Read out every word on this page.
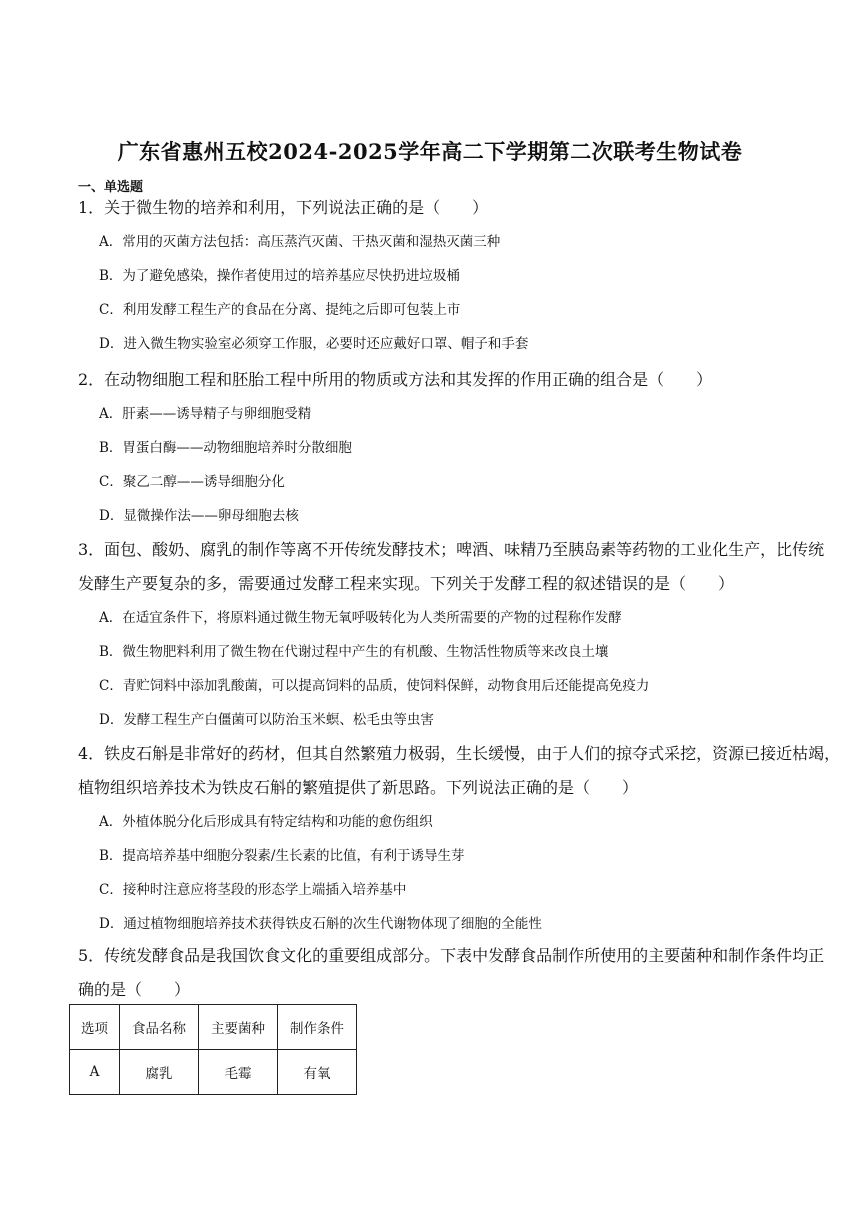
广东省惠州五校2024-2025学年高二下学期第二次联考生物试卷
一、单选题
1．关于微生物的培养和利用，下列说法正确的是（　　）
A．常用的灭菌方法包括：高压蒸汽灭菌、干热灭菌和湿热灭菌三种
B．为了避免感染，操作者使用过的培养基应尽快扔进垃圾桶
C．利用发酵工程生产的食品在分离、提纯之后即可包装上市
D．进入微生物实验室必须穿工作服，必要时还应戴好口罩、帽子和手套
2．在动物细胞工程和胚胎工程中所用的物质或方法和其发挥的作用正确的组合是（　　）
A．肝素——诱导精子与卵细胞受精
B．胃蛋白酶——动物细胞培养时分散细胞
C．聚乙二醇——诱导细胞分化
D．显微操作法——卵母细胞去核
3．面包、酸奶、腐乳的制作等离不开传统发酵技术；啤酒、味精乃至胰岛素等药物的工业化生产，比传统
发酵生产要复杂的多，需要通过发酵工程来实现。下列关于发酵工程的叙述错误的是（　　）
A．在适宜条件下，将原料通过微生物无氧呼吸转化为人类所需要的产物的过程称作发酵
B．微生物肥料利用了微生物在代谢过程中产生的有机酸、生物活性物质等来改良土壤
C．青贮饲料中添加乳酸菌，可以提高饲料的品质，使饲料保鲜，动物食用后还能提高免疫力
D．发酵工程生产白僵菌可以防治玉米螟、松毛虫等虫害
4．铁皮石斛是非常好的药材，但其自然繁殖力极弱，生长缓慢，由于人们的掠夺式采挖，资源已接近枯竭，
植物组织培养技术为铁皮石斛的繁殖提供了新思路。下列说法正确的是（　　）
A．外植体脱分化后形成具有特定结构和功能的愈伤组织
B．提高培养基中细胞分裂素/生长素的比值，有利于诱导生芽
C．接种时注意应将茎段的形态学上端插入培养基中
D．通过植物细胞培养技术获得铁皮石斛的次生代谢物体现了细胞的全能性
5．传统发酵食品是我国饮食文化的重要组成部分。下表中发酵食品制作所使用的主要菌种和制作条件均正
确的是（　　）
选项	食品名称	主要菌种	制作条件
A	腐乳	毛霉	有氧
